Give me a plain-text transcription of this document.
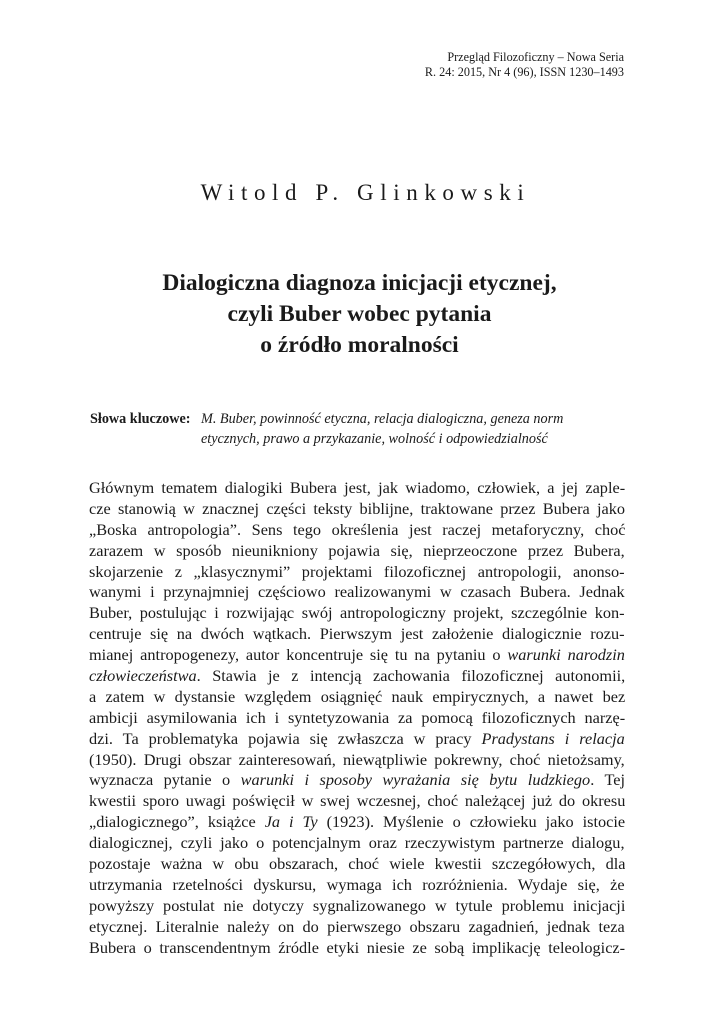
Przegląd Filozoficzny – Nowa Seria
R. 24: 2015, Nr 4 (96), ISSN 1230–1493
Witold P. Glinkowski
Dialogiczna diagnoza inicjacji etycznej,
czyli Buber wobec pytania
o źródło moralności
Słowa kluczowe: M. Buber, powinność etyczna, relacja dialogiczna, geneza norm
etycznych, prawo a przykazanie, wolność i odpowiedzialność
Głównym tematem dialogiki Bubera jest, jak wiadomo, człowiek, a jej zaple-
cze stanowią w znacznej części teksty biblijne, traktowane przez Bubera jako
„Boska antropologia”. Sens tego określenia jest raczej metaforyczny, choć
zarazem w sposób nieunikniony pojawia się, nieprzeoczone przez Bubera,
skojarzenie z „klasycznymi” projektami filozoficznej antropologii, anonso-
wanymi i przynajmniej częściowo realizowanymi w czasach Bubera. Jednak
Buber, postulując i rozwijając swój antropologiczny projekt, szczególnie kon-
centruje się na dwóch wątkach. Pierwszym jest założenie dialogicznie rozu-
mianej antropogenezy, autor koncentruje się tu na pytaniu o warunki narodzin
człowieczeństwa. Stawia je z intencją zachowania filozoficznej autonomii,
a zatem w dystansie względem osiągnięć nauk empirycznych, a nawet bez
ambicji asymilowania ich i syntetyzowania za pomocą filozoficznych narzę-
dzi. Ta problematyka pojawia się zwłaszcza w pracy Pradystans i relacja
(1950). Drugi obszar zainteresowań, niewątpliwie pokrewny, choć nietożsamy,
wyznacza pytanie o warunki i sposoby wyrażania się bytu ludzkiego. Tej
kwestii sporo uwagi poświęcił w swej wczesnej, choć należącej już do okresu
„dialogicznego”, książce Ja i Ty (1923). Myślenie o człowieku jako istocie
dialogicznej, czyli jako o potencjalnym oraz rzeczywistym partnerze dialogu,
pozostaje ważna w obu obszarach, choć wiele kwestii szczegółowych, dla
utrzymania rzetelności dyskursu, wymaga ich rozróżnienia. Wydaje się, że
powyższy postulat nie dotyczy sygnalizowanego w tytule problemu inicjacji
etycznej. Literalnie należy on do pierwszego obszaru zagadnień, jednak teza
Bubera o transcendentnym źródle etyki niesie ze sobą implikację teleologicz-
